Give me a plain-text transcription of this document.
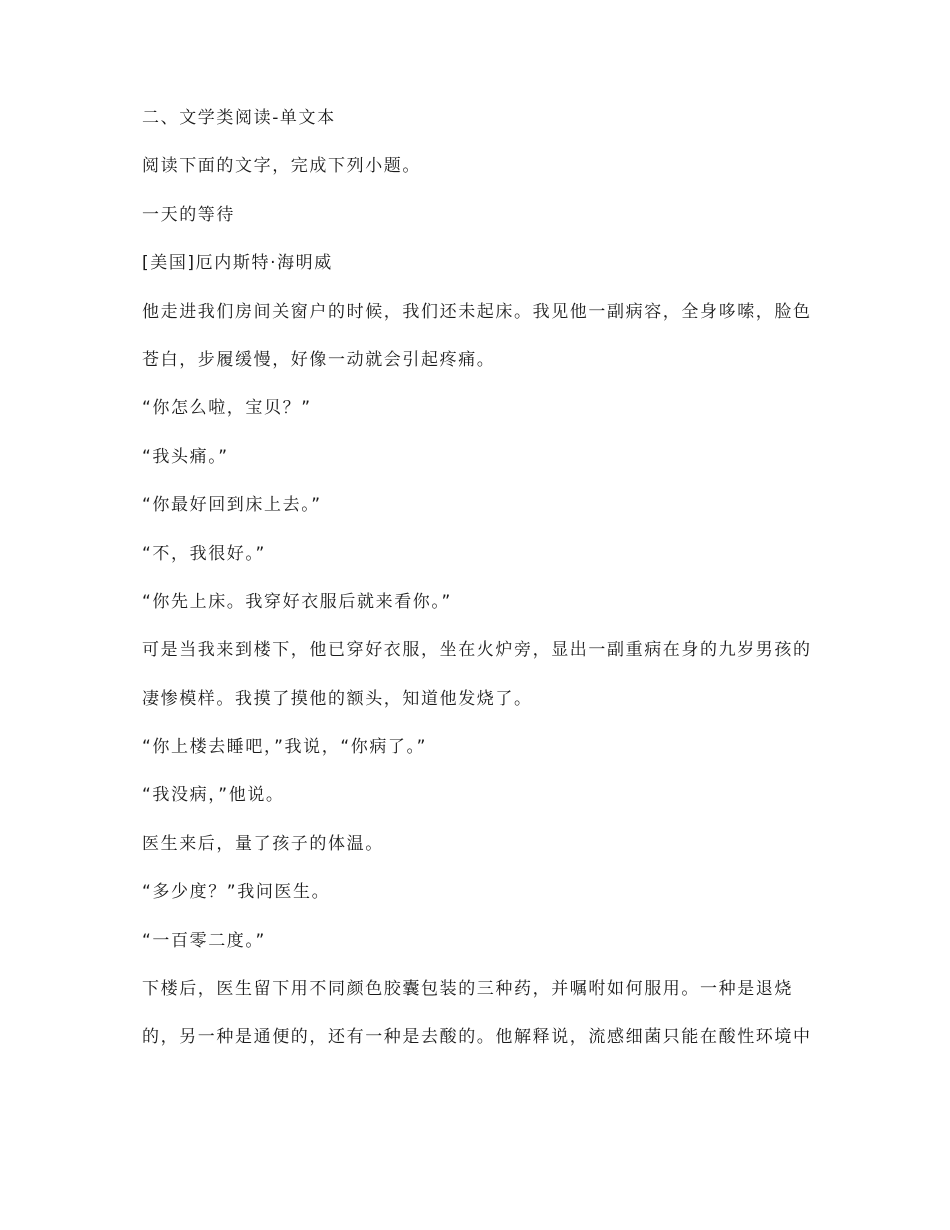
二、文学类阅读-单文本

阅读下面的文字，完成下列小题。

一天的等待

[美国]厄内斯特·海明威

他走进我们房间关窗户的时候，我们还未起床。我见他一副病容，全身哆嗦，脸色

苍白，步履缓慢，好像一动就会引起疼痛。

“你怎么啦，宝贝？”

“我头痛。”

“你最好回到床上去。”

“不，我很好。”

“你先上床。我穿好衣服后就来看你。”

可是当我来到楼下，他已穿好衣服，坐在火炉旁，显出一副重病在身的九岁男孩的

凄惨模样。我摸了摸他的额头，知道他发烧了。

“你上楼去睡吧，”我说，“你病了。”

“我没病，”他说。

医生来后，量了孩子的体温。

“多少度？”我问医生。

“一百零二度。”

下楼后，医生留下用不同颜色胶囊包装的三种药，并嘱咐如何服用。一种是退烧

的，另一种是通便的，还有一种是去酸的。他解释说，流感细菌只能在酸性环境中
